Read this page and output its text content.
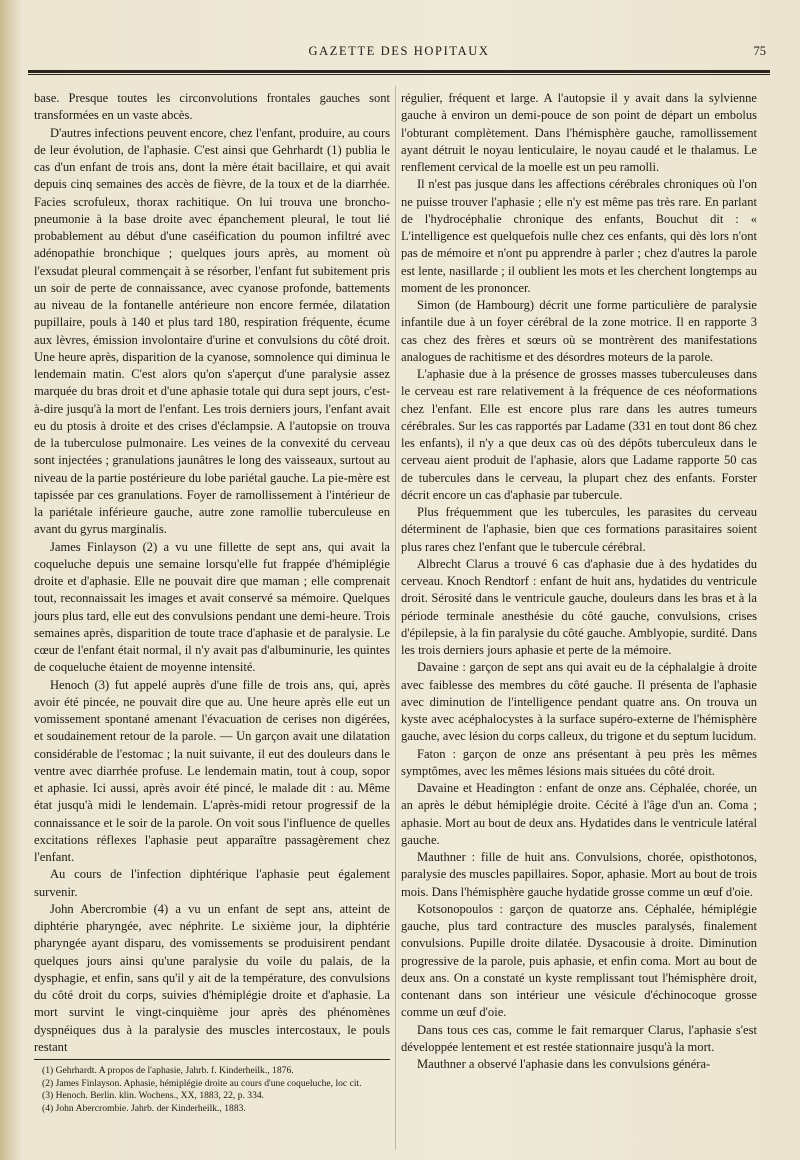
GAZETTE DES HOPITAUX	75

base. Presque toutes les circonvolutions frontales gauches sont transformées en un vaste abcès.

D'autres infections peuvent encore, chez l'enfant, produire, au cours de leur évolution, de l'aphasie. C'est ainsi que Gehrhardt (1) publia le cas d'un enfant de trois ans, dont la mère était bacillaire, et qui avait depuis cinq semaines des accès de fièvre, de la toux et de la diarrhée. Facies scrofuleux, thorax rachitique. On lui trouva une broncho-pneumonie à la base droite avec épanchement pleural, le tout lié probablement au début d'une caséification du poumon infiltré avec adénopathie bronchique ; quelques jours après, au moment où l'exsudat pleural commençait à se résorber, l'enfant fut subitement pris un soir de perte de connaissance, avec cyanose profonde, battements au niveau de la fontanelle antérieure non encore fermée, dilatation pupillaire, pouls à 140 et plus tard 180, respiration fréquente, écume aux lèvres, émission involontaire d'urine et convulsions du côté droit. Une heure après, disparition de la cyanose, somnolence qui diminua le lendemain matin. C'est alors qu'on s'aperçut d'une paralysie assez marquée du bras droit et d'une aphasie totale qui dura sept jours, c'est-à-dire jusqu'à la mort de l'enfant. Les trois derniers jours, l'enfant avait eu du ptosis à droite et des crises d'éclampsie. A l'autopsie on trouva de la tuberculose pulmonaire. Les veines de la convexité du cerveau sont injectées ; granulations jaunâtres le long des vaisseaux, surtout au niveau de la partie postérieure du lobe pariétal gauche. La pie-mère est tapissée par ces granulations. Foyer de ramollissement à l'intérieur de la pariétale inférieure gauche, autre zone ramollie tuberculeuse en avant du gyrus marginalis.

James Finlayson (2) a vu une fillette de sept ans, qui avait la coqueluche depuis une semaine lorsqu'elle fut frappée d'hémiplégie droite et d'aphasie. Elle ne pouvait dire que maman ; elle comprenait tout, reconnaissait les images et avait conservé sa mémoire. Quelques jours plus tard, elle eut des convulsions pendant une demi-heure. Trois semaines après, disparition de toute trace d'aphasie et de paralysie. Le cœur de l'enfant était normal, il n'y avait pas d'albuminurie, les quintes de coqueluche étaient de moyenne intensité.

Henoch (3) fut appelé auprès d'une fille de trois ans, qui, après avoir été pincée, ne pouvait dire que au. Une heure après elle eut un vomissement spontané amenant l'évacuation de cerises non digérées, et soudainement retour de la parole. — Un garçon avait une dilatation considérable de l'estomac ; la nuit suivante, il eut des douleurs dans le ventre avec diarrhée profuse. Le lendemain matin, tout à coup, sopor et aphasie. Ici aussi, après avoir été pincé, le malade dit : au. Même état jusqu'à midi le lendemain. L'après-midi retour progressif de la connaissance et le soir de la parole. On voit sous l'influence de quelles excitations réflexes l'aphasie peut apparaître passagèrement chez l'enfant.

Au cours de l'infection diphtérique l'aphasie peut également survenir.

John Abercrombie (4) a vu un enfant de sept ans, atteint de diphtérie pharyngée, avec néphrite. Le sixième jour, la diphtérie pharyngée ayant disparu, des vomissements se produisirent pendant quelques jours ainsi qu'une paralysie du voile du palais, de la dysphagie, et enfin, sans qu'il y ait de la température, des convulsions du côté droit du corps, suivies d'hémiplégie droite et d'aphasie. La mort survint le vingt-cinquième jour après des phénomènes dyspnéiques dus à la paralysie des muscles intercostaux, le pouls restant

(1) Gehrhardt. A propos de l'aphasie, Jahrb. f. Kinderheilk., 1876.

(2) James Finlayson. Aphasie, hémiplégie droite au cours d'une coqueluche, loc cit.

(3) Henoch. Berlin. klin. Wochens., XX, 1883, 22, p. 334.

(4) John Abercrombie. Jahrb. der Kinderheilk., 1883.

régulier, fréquent et large. A l'autopsie il y avait dans la sylvienne gauche à environ un demi-pouce de son point de départ un embolus l'obturant complètement. Dans l'hémisphère gauche, ramollissement ayant détruit le noyau lenticulaire, le noyau caudé et le thalamus. Le renflement cervical de la moelle est un peu ramolli.

Il n'est pas jusque dans les affections cérébrales chroniques où l'on ne puisse trouver l'aphasie ; elle n'y est même pas très rare. En parlant de l'hydrocéphalie chronique des enfants, Bouchut dit : « L'intelligence est quelquefois nulle chez ces enfants, qui dès lors n'ont pas de mémoire et n'ont pu apprendre à parler ; chez d'autres la parole est lente, nasillarde ; il oublient les mots et les cherchent longtemps au moment de les prononcer.

Simon (de Hambourg) décrit une forme particulière de paralysie infantile due à un foyer cérébral de la zone motrice. Il en rapporte 3 cas chez des frères et sœurs où se montrèrent des manifestations analogues de rachitisme et des désordres moteurs de la parole.

L'aphasie due à la présence de grosses masses tuberculeuses dans le cerveau est rare relativement à la fréquence de ces néoformations chez l'enfant. Elle est encore plus rare dans les autres tumeurs cérébrales. Sur les cas rapportés par Ladame (331 en tout dont 86 chez les enfants), il n'y a que deux cas où des dépôts tuberculeux dans le cerveau aient produit de l'aphasie, alors que Ladame rapporte 50 cas de tubercules dans le cerveau, la plupart chez des enfants. Forster décrit encore un cas d'aphasie par tubercule.

Plus fréquemment que les tubercules, les parasites du cerveau déterminent de l'aphasie, bien que ces formations parasitaires soient plus rares chez l'enfant que le tubercule cérébral.

Albrecht Clarus a trouvé 6 cas d'aphasie due à des hydatides du cerveau. Knoch Rendtorf : enfant de huit ans, hydatides du ventricule droit. Sérosité dans le ventricule gauche, douleurs dans les bras et à la période terminale anesthésie du côté gauche, convulsions, crises d'épilepsie, à la fin paralysie du côté gauche. Amblyopie, surdité. Dans les trois derniers jours aphasie et perte de la mémoire.

Davaine : garçon de sept ans qui avait eu de la céphalalgie à droite avec faiblesse des membres du côté gauche. Il présenta de l'aphasie avec diminution de l'intelligence pendant quatre ans. On trouva un kyste avec acéphalocystes à la surface supéro-externe de l'hémisphère gauche, avec lésion du corps calleux, du trigone et du septum lucidum.

Faton : garçon de onze ans présentant à peu près les mêmes symptômes, avec les mêmes lésions mais situées du côté droit.

Davaine et Headington : enfant de onze ans. Céphalée, chorée, un an après le début hémiplégie droite. Cécité à l'âge d'un an. Coma ; aphasie. Mort au bout de deux ans. Hydatides dans le ventricule latéral gauche.

Mauthner : fille de huit ans. Convulsions, chorée, opisthotonos, paralysie des muscles papillaires. Sopor, aphasie. Mort au bout de trois mois. Dans l'hémisphère gauche hydatide grosse comme un œuf d'oie.

Kotsonopoulos : garçon de quatorze ans. Céphalée, hémiplégie gauche, plus tard contracture des muscles paralysés, finalement convulsions. Pupille droite dilatée. Dysacousie à droite. Diminution progressive de la parole, puis aphasie, et enfin coma. Mort au bout de deux ans. On a constaté un kyste remplissant tout l'hémisphère droit, contenant dans son intérieur une vésicule d'échinocoque grosse comme un œuf d'oie.

Dans tous ces cas, comme le fait remarquer Clarus, l'aphasie s'est développée lentement et est restée stationnaire jusqu'à la mort.

Mauthner a observé l'aphasie dans les convulsions généra-
